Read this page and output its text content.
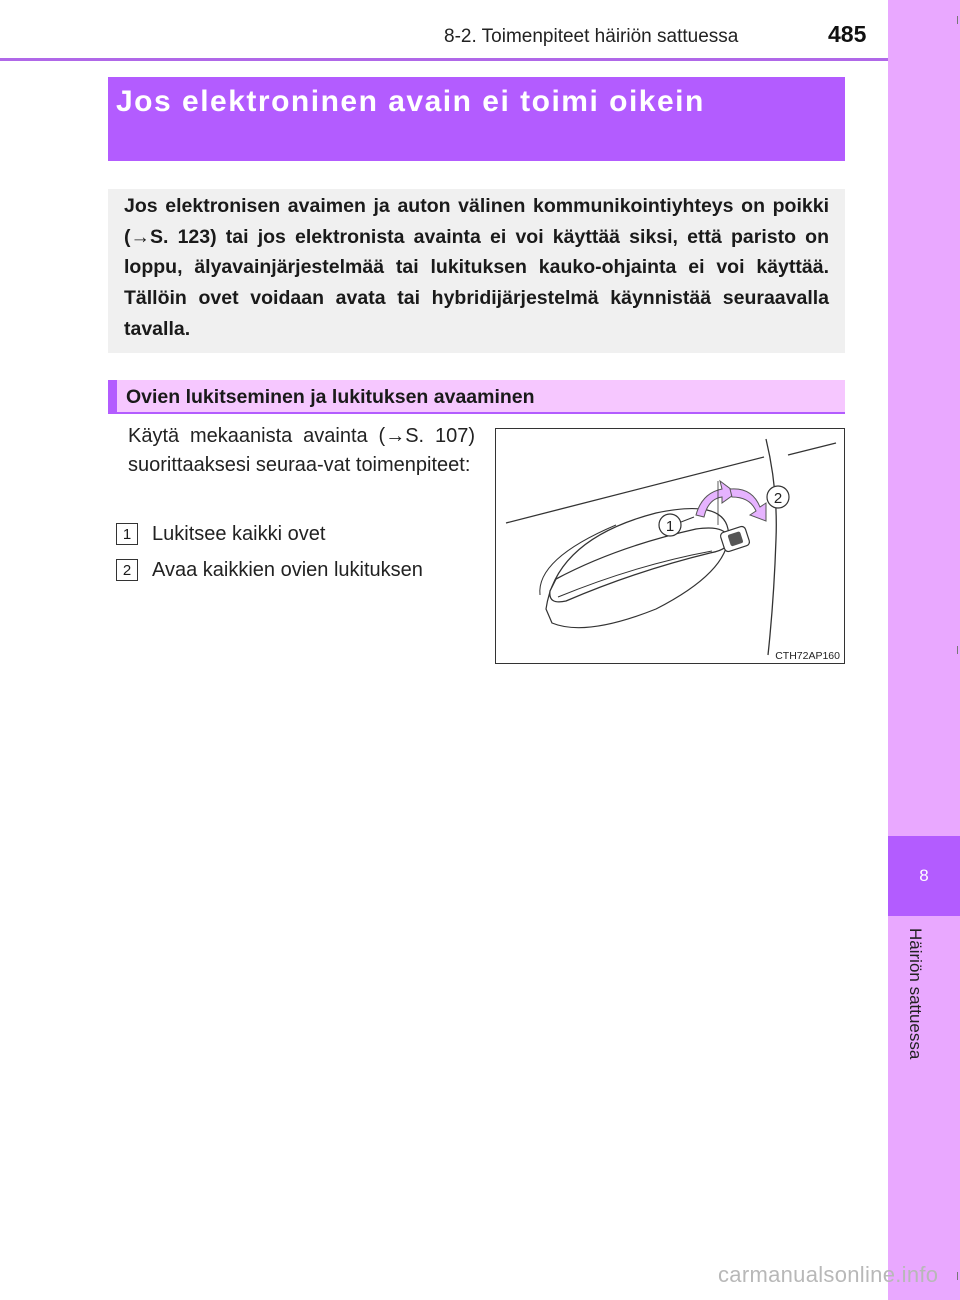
8-2. Toimenpiteet häiriön sattuessa	485
8
Häiriön sattuessa
Jos elektroninen avain ei toimi oikein

Jos elektronisen avaimen ja auton välinen kommunikointiyhteys on poikki (→S. 123) tai jos elektronista avainta ei voi käyttää siksi, että paristo on loppu, älyavainjärjestelmää tai lukituksen kauko-ohjainta ei voi käyttää. Tällöin ovet voidaan avata tai hybridijärjestelmä käynnistää seuraavalla tavalla.

Ovien lukitseminen ja lukituksen avaaminen

Käytä mekaanista avainta (→S. 107) suorittaaksesi seuraa-vat toimenpiteet:

1	Lukitsee kaikki ovet
2	Avaa kaikkien ovien lukituksen
1
2
CTH72AP160
carmanualsonline.info
